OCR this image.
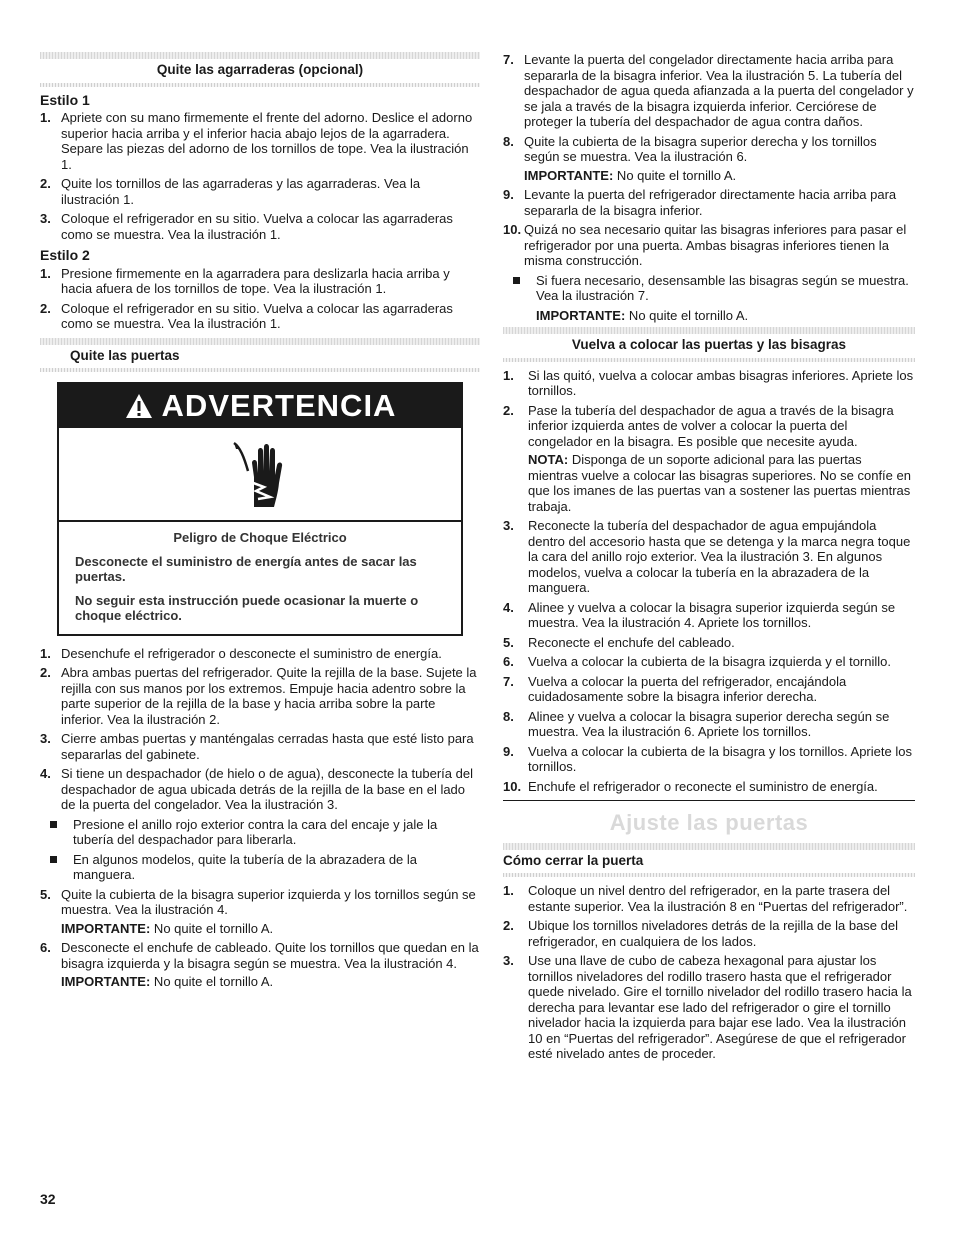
Quite las agarraderas (opcional)
Estilo 1
1. Apriete con su mano firmemente el frente del adorno. Deslice el adorno superior hacia arriba y el inferior hacia abajo lejos de la agarradera. Separe las piezas del adorno de los tornillos de tope. Vea la ilustración 1.
2. Quite los tornillos de las agarraderas y las agarraderas. Vea la ilustración 1.
3. Coloque el refrigerador en su sitio. Vuelva a colocar las agarraderas como se muestra. Vea la ilustración 1.
Estilo 2
1. Presione firmemente en la agarradera para deslizarla hacia arriba y hacia afuera de los tornillos de tope. Vea la ilustración 1.
2. Coloque el refrigerador en su sitio. Vuelva a colocar las agarraderas como se muestra. Vea la ilustración 1.
Quite las puertas
ADVERTENCIA
Peligro de Choque Eléctrico

Desconecte el suministro de energía antes de sacar las puertas.

No seguir esta instrucción puede ocasionar la muerte o choque eléctrico.

1. Desenchufe el refrigerador o desconecte el suministro de energía.
2. Abra ambas puertas del refrigerador. Quite la rejilla de la base. Sujete la rejilla con sus manos por los extremos. Empuje hacia adentro sobre la parte superior de la rejilla de la base y hacia arriba sobre la parte inferior. Vea la ilustración 2.
3. Cierre ambas puertas y manténgalas cerradas hasta que esté listo para separarlas del gabinete.
4. Si tiene un despachador (de hielo o de agua), desconecte la tubería del despachador de agua ubicada detrás de la rejilla de la base en el lado de la puerta del congelador. Vea la ilustración 3.
Presione el anillo rojo exterior contra la cara del encaje y jale la tubería del despachador para liberarla.
En algunos modelos, quite la tubería de la abrazadera de la manguera.
5. Quite la cubierta de la bisagra superior izquierda y los tornillos según se muestra. Vea la ilustración 4.
IMPORTANTE: No quite el tornillo A.
6. Desconecte el enchufe de cableado. Quite los tornillos que quedan en la bisagra izquierda y la bisagra según se muestra. Vea la ilustración 4.
IMPORTANTE: No quite el tornillo A.
7. Levante la puerta del congelador directamente hacia arriba para separarla de la bisagra inferior. Vea la ilustración 5. La tubería del despachador de agua queda afianzada a la puerta del congelador y se jala a través de la bisagra izquierda inferior. Cerciórese de proteger la tubería del despachador de agua contra daños.
8. Quite la cubierta de la bisagra superior derecha y los tornillos según se muestra. Vea la ilustración 6.
IMPORTANTE: No quite el tornillo A.
9. Levante la puerta del refrigerador directamente hacia arriba para separarla de la bisagra inferior.
10. Quizá no sea necesario quitar las bisagras inferiores para pasar el refrigerador por una puerta. Ambas bisagras inferiores tienen la misma construcción.
Si fuera necesario, desensamble las bisagras según se muestra. Vea la ilustración 7.
IMPORTANTE: No quite el tornillo A.
Vuelva a colocar las puertas y las bisagras
1. Si las quitó, vuelva a colocar ambas bisagras inferiores. Apriete los tornillos.
2. Pase la tubería del despachador de agua a través de la bisagra inferior izquierda antes de volver a colocar la puerta del congelador en la bisagra. Es posible que necesite ayuda.
NOTA: Disponga de un soporte adicional para las puertas mientras vuelve a colocar las bisagras superiores. No se confíe en que los imanes de las puertas van a sostener las puertas mientras trabaja.
3. Reconecte la tubería del despachador de agua empujándola dentro del accesorio hasta que se detenga y la marca negra toque la cara del anillo rojo exterior. Vea la ilustración 3. En algunos modelos, vuelva a colocar la tubería en la abrazadera de la manguera.
4. Alinee y vuelva a colocar la bisagra superior izquierda según se muestra. Vea la ilustración 4. Apriete los tornillos.
5. Reconecte el enchufe del cableado.
6. Vuelva a colocar la cubierta de la bisagra izquierda y el tornillo.
7. Vuelva a colocar la puerta del refrigerador, encajándola cuidadosamente sobre la bisagra inferior derecha.
8. Alinee y vuelva a colocar la bisagra superior derecha según se muestra. Vea la ilustración 6. Apriete los tornillos.
9. Vuelva a colocar la cubierta de la bisagra y los tornillos. Apriete los tornillos.
10. Enchufe el refrigerador o reconecte el suministro de energía.
Ajuste las puertas
Cómo cerrar la puerta
1. Coloque un nivel dentro del refrigerador, en la parte trasera del estante superior. Vea la ilustración 8 en “Puertas del refrigerador”.
2. Ubique los tornillos niveladores detrás de la rejilla de la base del refrigerador, en cualquiera de los lados.
3. Use una llave de cubo de cabeza hexagonal para ajustar los tornillos niveladores del rodillo trasero hasta que el refrigerador quede nivelado. Gire el tornillo nivelador del rodillo trasero hacia la derecha para levantar ese lado del refrigerador o gire el tornillo nivelador hacia la izquierda para bajar ese lado. Vea la ilustración 10 en “Puertas del refrigerador”. Asegúrese de que el refrigerador esté nivelado antes de proceder.
32
